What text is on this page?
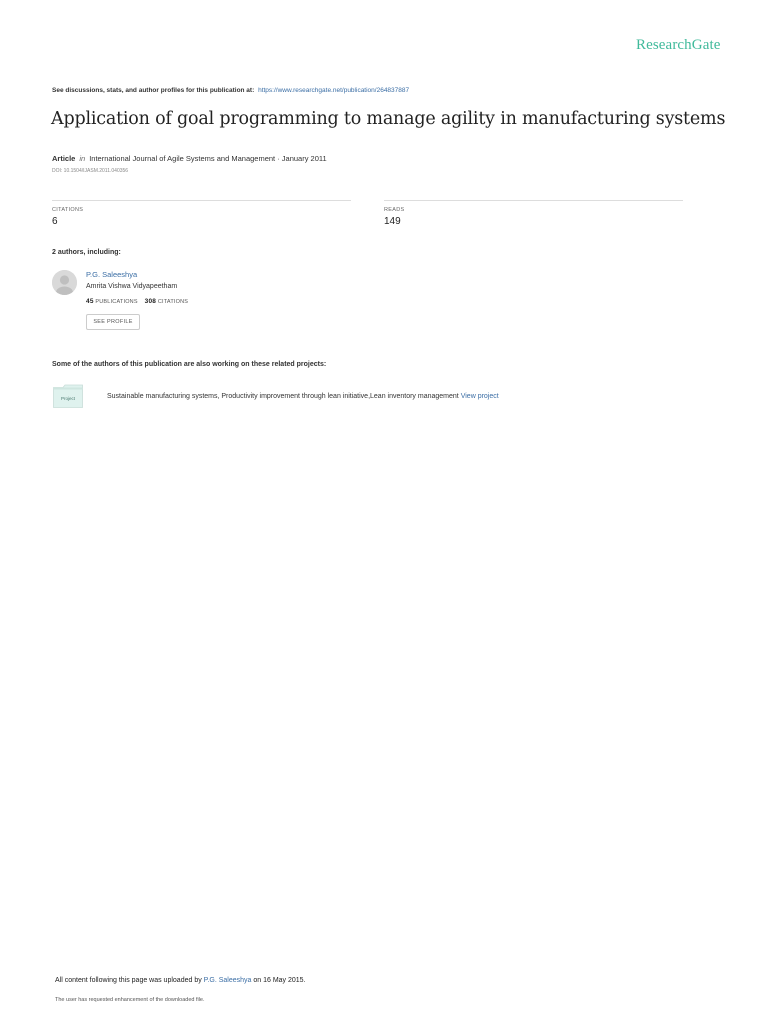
ResearchGate
See discussions, stats, and author profiles for this publication at: https://www.researchgate.net/publication/264837887
Application of goal programming to manage agility in manufacturing systems
Article in International Journal of Agile Systems and Management · January 2011
DOI: 10.1504/IJASM.2011.040356
CITATIONS
6
READS
149
2 authors, including:
P.G. Saleeshya
Amrita Vishwa Vidyapeetham
45 PUBLICATIONS 308 CITATIONS
SEE PROFILE
Some of the authors of this publication are also working on these related projects:
Project	Sustainable manufacturing systems, Productivity improvement through lean initiative,Lean inventory management View project
All content following this page was uploaded by P.G. Saleeshya on 16 May 2015.
The user has requested enhancement of the downloaded file.
